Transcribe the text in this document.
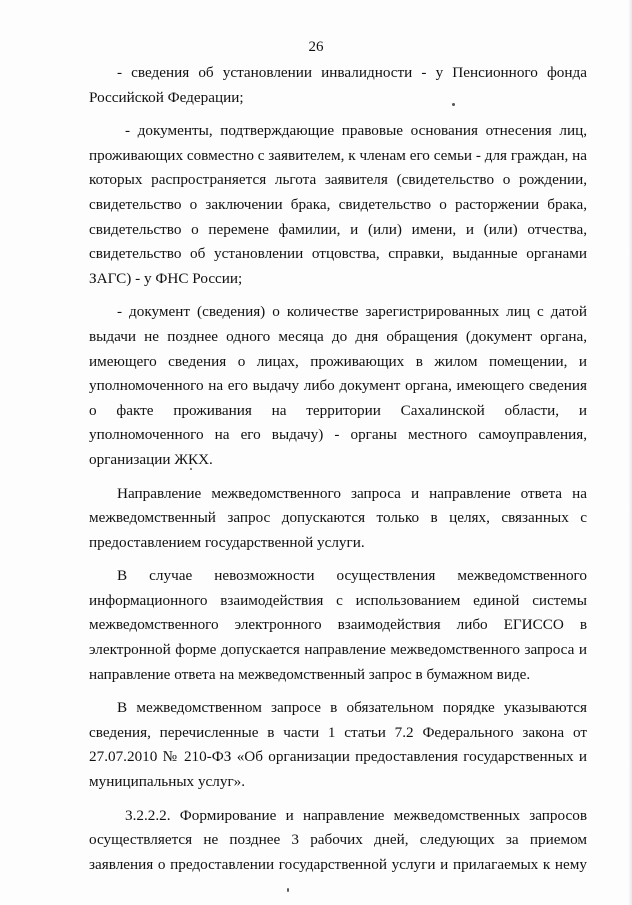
26

- сведения об установлении инвалидности - у Пенсионного фонда Российской Федерации;

- документы, подтверждающие правовые основания отнесения лиц, проживающих совместно с заявителем, к членам его семьи - для граждан, на которых распространяется льгота заявителя (свидетельство о рождении, свидетельство о заключении брака, свидетельство о расторжении брака, свидетельство о перемене фамилии, и (или) имени, и (или) отчества, свидетельство об установлении отцовства, справки, выданные органами ЗАГС) - у ФНС России;

- документ (сведения) о количестве зарегистрированных лиц с датой выдачи не позднее одного месяца до дня обращения (документ органа, имеющего сведения о лицах, проживающих в жилом помещении, и уполномоченного на его выдачу либо документ органа, имеющего сведения о факте проживания на территории Сахалинской области, и уполномоченного на его выдачу) - органы местного самоуправления, организации ЖКХ.

Направление межведомственного запроса и направление ответа на межведомственный запрос допускаются только в целях, связанных с предоставлением государственной услуги.

В случае невозможности осуществления межведомственного информационного взаимодействия с использованием единой системы межведомственного электронного взаимодействия либо ЕГИССО в электронной форме допускается направление межведомственного запроса и направление ответа на межведомственный запрос в бумажном виде.

В межведомственном запросе в обязательном порядке указываются сведения, перечисленные в части 1 статьи 7.2 Федерального закона от 27.07.2010 № 210-ФЗ «Об организации предоставления государственных и муниципальных услуг».

3.2.2.2. Формирование и направление межведомственных запросов осуществляется не позднее 3 рабочих дней, следующих за приемом заявления о предоставлении государственной услуги и прилагаемых к нему
